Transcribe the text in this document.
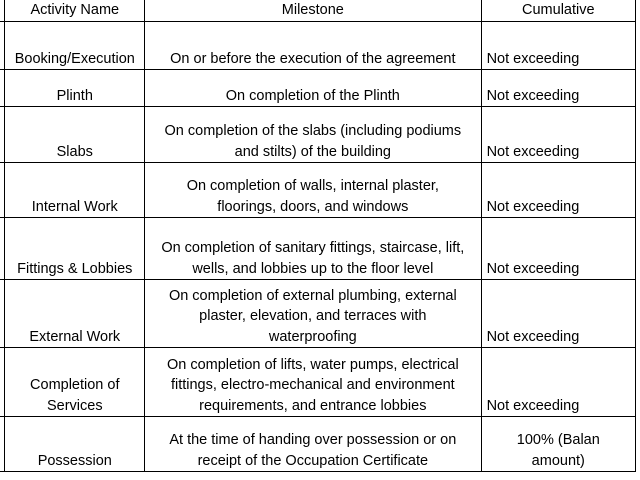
	Activity Name	Milestone	Cumulative

	Booking/Execution	On or before the execution of the agreement	Not exceeding

	Plinth	On completion of the Plinth	Not exceeding

	Slabs	On completion of the slabs (including podiums
and stilts) of the building	Not exceeding

	Internal Work	On completion of walls, internal plaster,
floorings, doors, and windows	Not exceeding

	Fittings & Lobbies	On completion of sanitary fittings, staircase, lift,
wells, and lobbies up to the floor level	Not exceeding

	External Work	On completion of external plumbing, external
plaster, elevation, and terraces with
waterproofing	Not exceeding

	Completion of
Services	On completion of lifts, water pumps, electrical
fittings, electro-mechanical and environment
requirements, and entrance lobbies	Not exceeding

	Possession	At the time of handing over possession or on
receipt of the Occupation Certificate	100% (Balan
amount)
